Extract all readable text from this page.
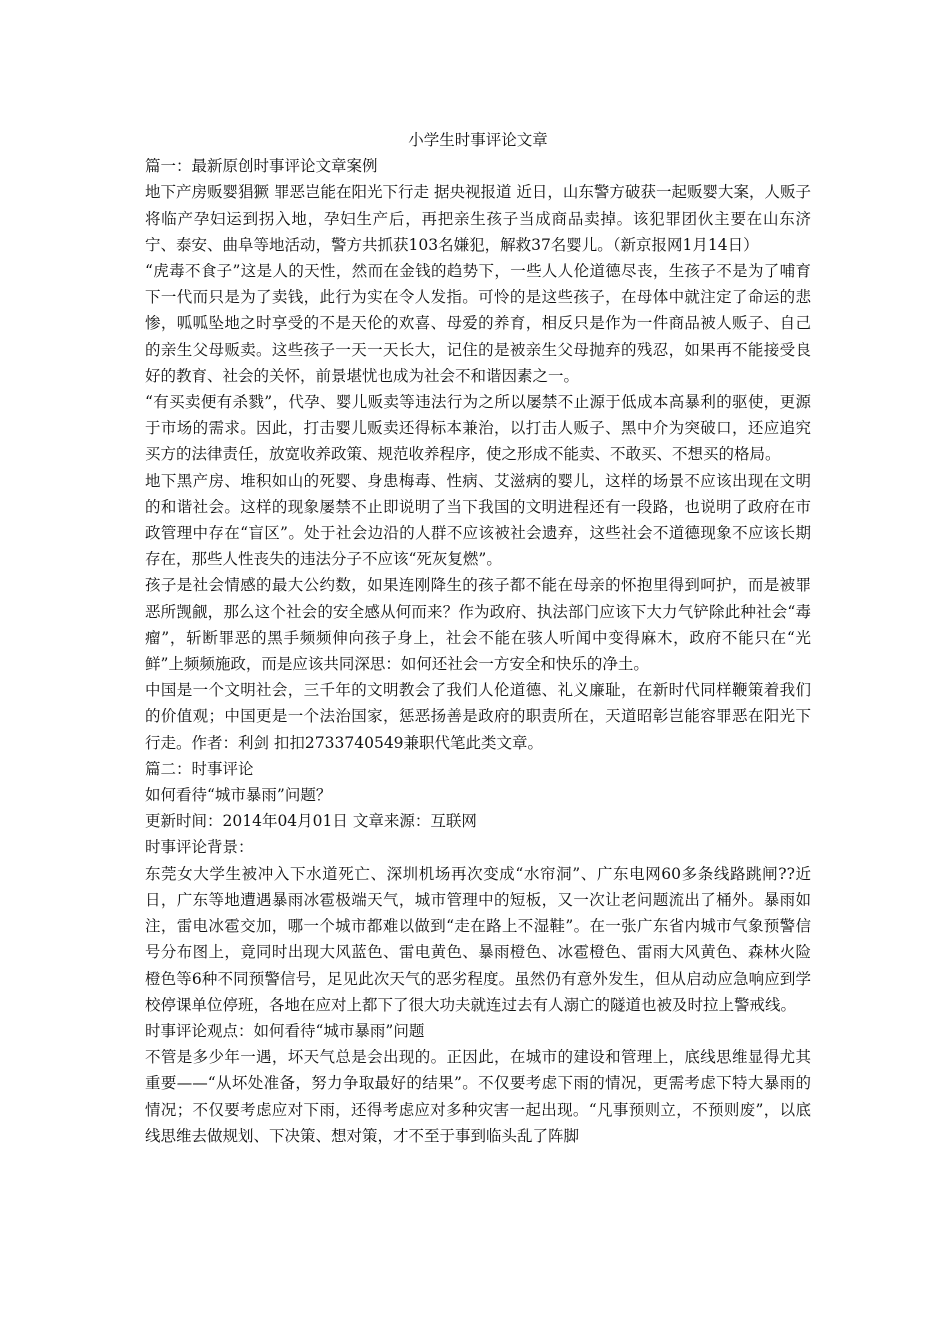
小学生时事评论文章

篇一：最新原创时事评论文章案例

地下产房贩婴猖獗 罪恶岂能在阳光下行走 据央视报道 近日，山东警方破获一起贩婴大案，人贩子将临产孕妇运到拐入地，孕妇生产后，再把亲生孩子当成商品卖掉。该犯罪团伙主要在山东济宁、泰安、曲阜等地活动，警方共抓获103名嫌犯，解救37名婴儿。（新京报网1月14日）

“虎毒不食子”这是人的天性，然而在金钱的趋势下，一些人人伦道德尽丧，生孩子不是为了哺育下一代而只是为了卖钱，此行为实在令人发指。可怜的是这些孩子，在母体中就注定了命运的悲惨，呱呱坠地之时享受的不是天伦的欢喜、母爱的养育，相反只是作为一件商品被人贩子、自己的亲生父母贩卖。这些孩子一天一天长大，记住的是被亲生父母抛弃的残忍，如果再不能接受良好的教育、社会的关怀，前景堪忧也成为社会不和谐因素之一。

“有买卖便有杀戮”，代孕、婴儿贩卖等违法行为之所以屡禁不止源于低成本高暴利的驱使，更源于市场的需求。因此，打击婴儿贩卖还得标本兼治，以打击人贩子、黑中介为突破口，还应追究买方的法律责任，放宽收养政策、规范收养程序，使之形成不能卖、不敢买、不想买的格局。

地下黑产房、堆积如山的死婴、身患梅毒、性病、艾滋病的婴儿，这样的场景不应该出现在文明的和谐社会。这样的现象屡禁不止即说明了当下我国的文明进程还有一段路，也说明了政府在市政管理中存在“盲区”。处于社会边沿的人群不应该被社会遗弃，这些社会不道德现象不应该长期存在，那些人性丧失的违法分子不应该“死灰复燃”。

孩子是社会情感的最大公约数，如果连刚降生的孩子都不能在母亲的怀抱里得到呵护，而是被罪恶所觊觎，那么这个社会的安全感从何而来？作为政府、执法部门应该下大力气铲除此种社会“毒瘤”，斩断罪恶的黑手频频伸向孩子身上，社会不能在骇人听闻中变得麻木，政府不能只在“光鲜”上频频施政，而是应该共同深思：如何还社会一方安全和快乐的净土。

中国是一个文明社会，三千年的文明教会了我们人伦道德、礼义廉耻，在新时代同样鞭策着我们的价值观；中国更是一个法治国家，惩恶扬善是政府的职责所在，天道昭彰岂能容罪恶在阳光下行走。作者：利剑 扣扣2733740549兼职代笔此类文章。

篇二：时事评论

如何看待“城市暴雨”问题？

更新时间：2014年04月01日 文章来源：互联网

时事评论背景：

东莞女大学生被冲入下水道死亡、深圳机场再次变成“水帘洞”、广东电网60多条线路跳闸??近日，广东等地遭遇暴雨冰雹极端天气，城市管理中的短板，又一次让老问题流出了桶外。暴雨如注，雷电冰雹交加，哪一个城市都难以做到“走在路上不湿鞋”。在一张广东省内城市气象预警信号分布图上，竟同时出现大风蓝色、雷电黄色、暴雨橙色、冰雹橙色、雷雨大风黄色、森林火险橙色等6种不同预警信号，足见此次天气的恶劣程度。虽然仍有意外发生，但从启动应急响应到学校停课单位停班，各地在应对上都下了很大功夫就连过去有人溺亡的隧道也被及时拉上警戒线。

时事评论观点：如何看待“城市暴雨”问题

不管是多少年一遇，坏天气总是会出现的。正因此，在城市的建设和管理上，底线思维显得尤其重要——“从坏处准备，努力争取最好的结果”。不仅要考虑下雨的情况，更需考虑下特大暴雨的情况；不仅要考虑应对下雨，还得考虑应对多种灾害一起出现。“凡事预则立，不预则废”，以底线思维去做规划、下决策、想对策，才不至于事到临头乱了阵脚
